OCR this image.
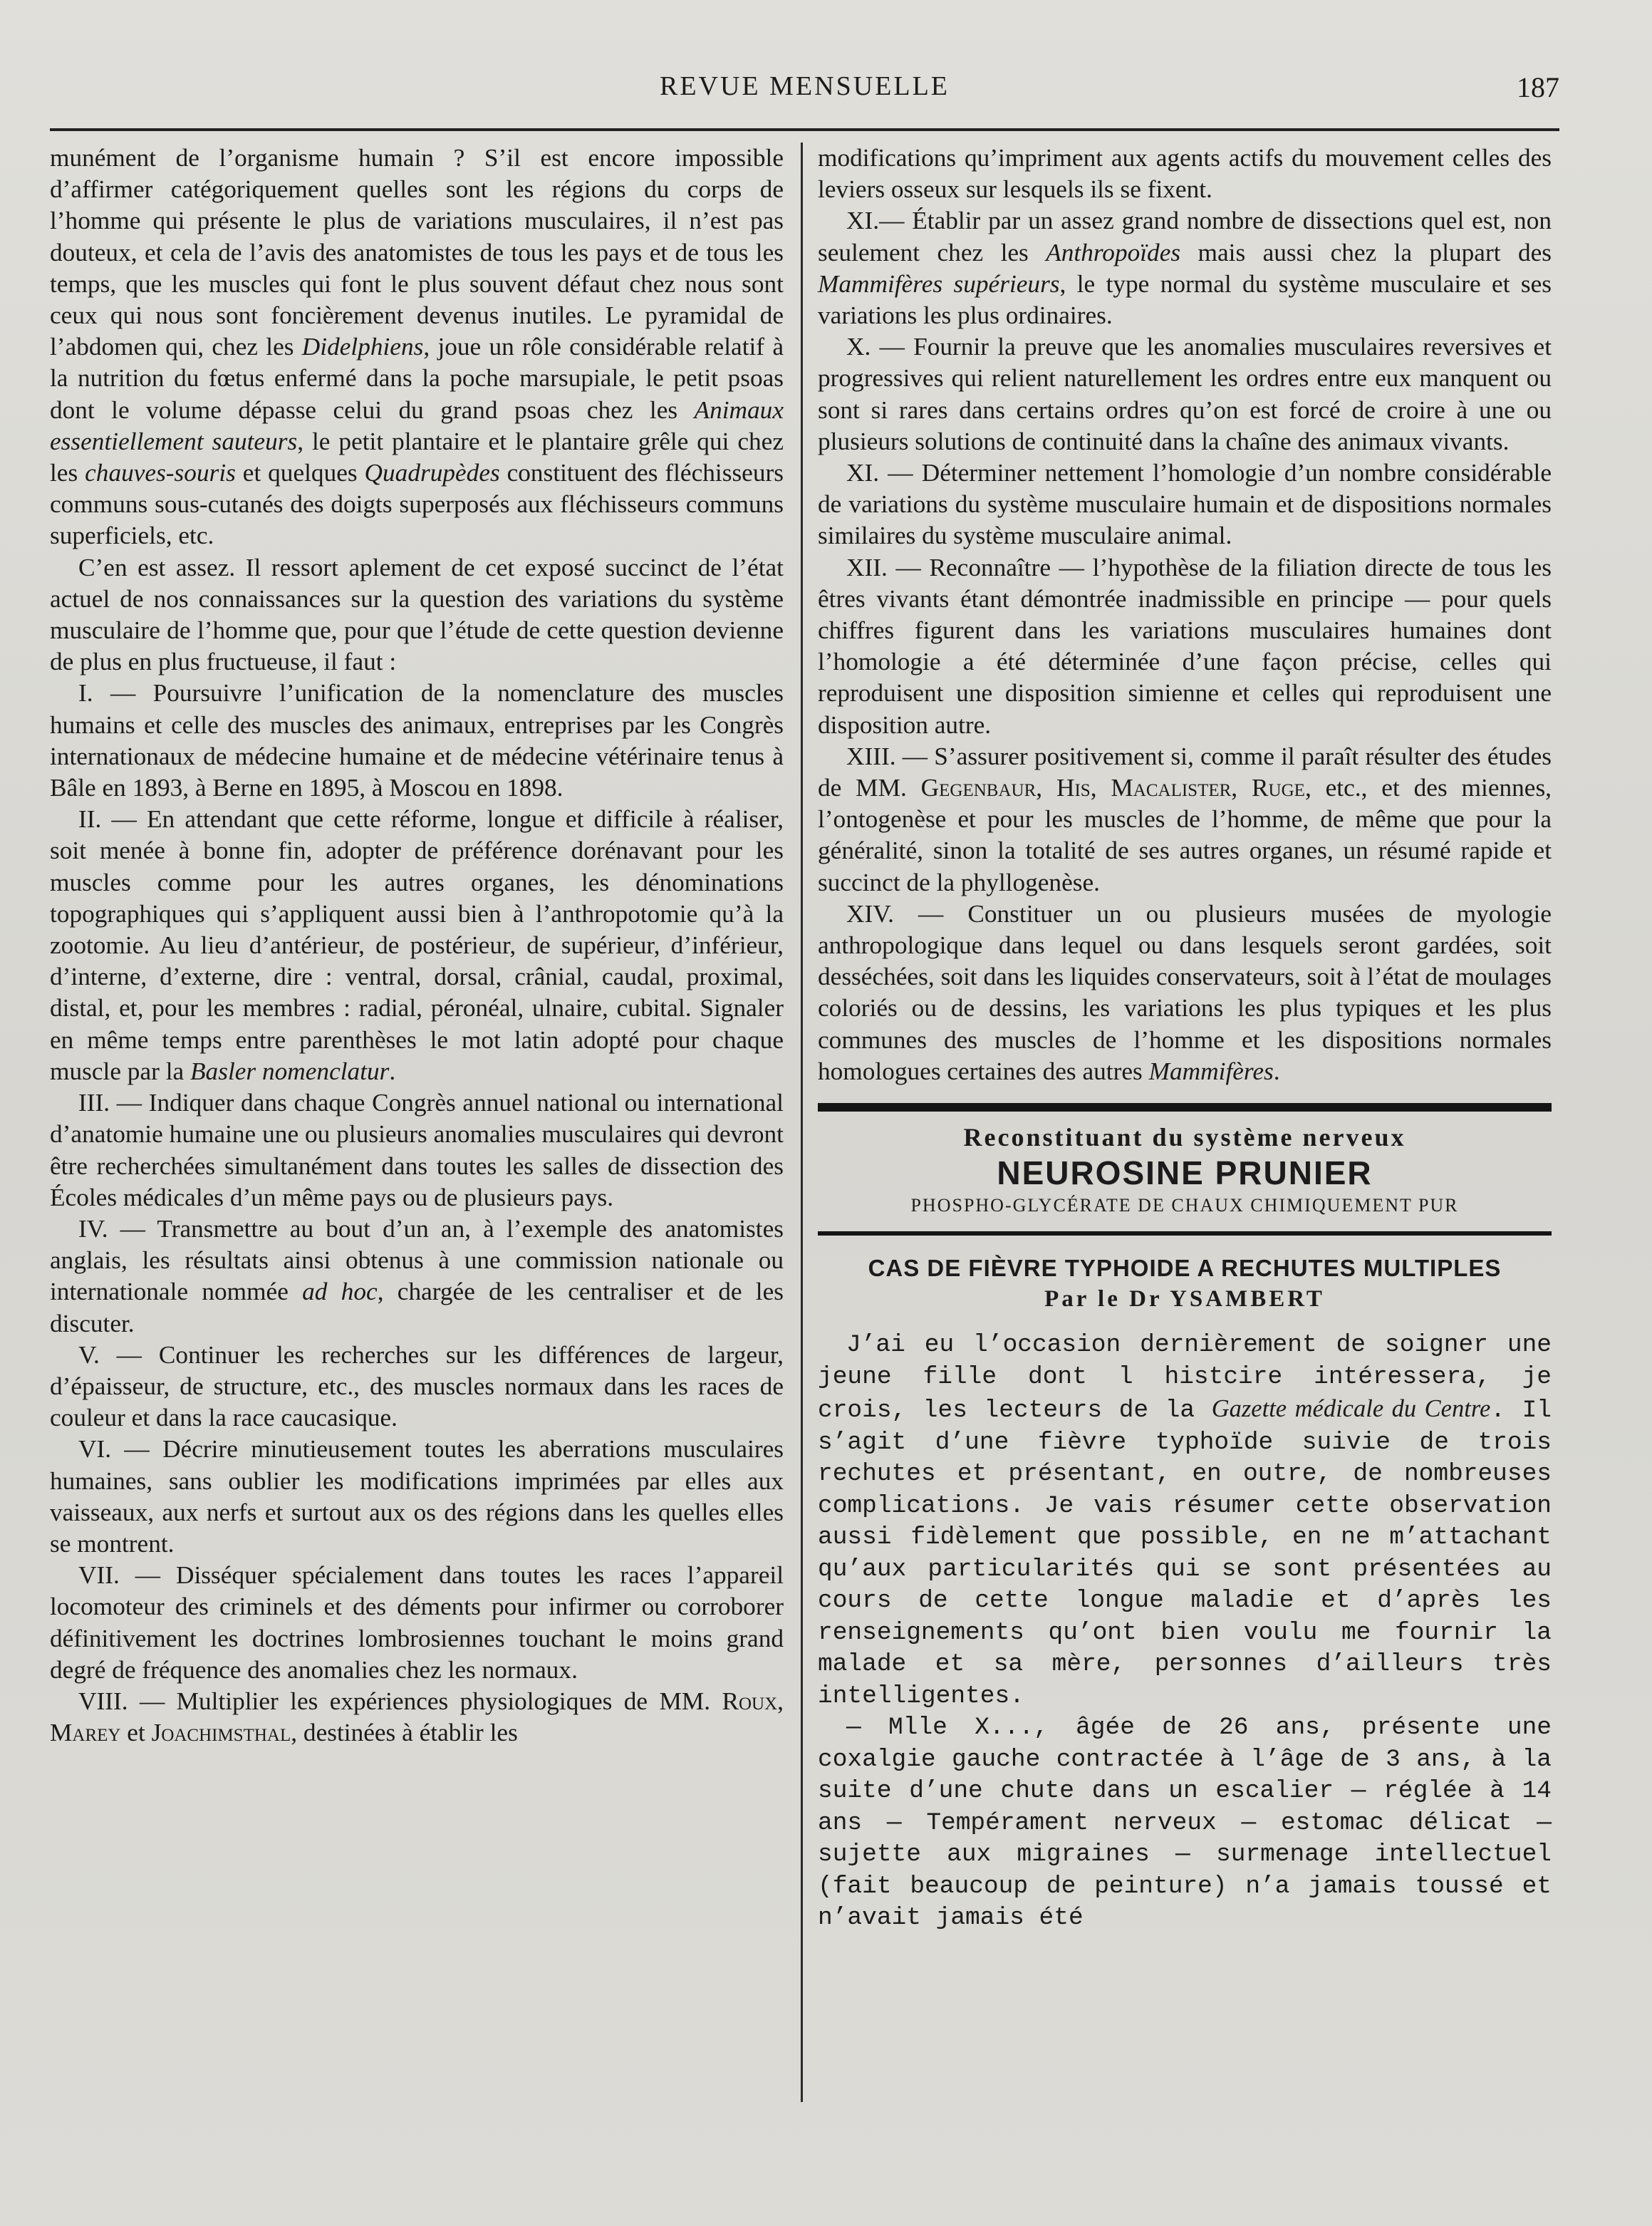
REVUE MENSUELLE	187

munément de l’organisme humain ? S’il est encore impossible d’affirmer catégoriquement quelles sont les régions du corps de l’homme qui présente le plus de variations musculaires, il n’est pas douteux, et cela de l’avis des anatomistes de tous les pays et de tous les temps, que les muscles qui font le plus souvent défaut chez nous sont ceux qui nous sont foncièrement devenus inutiles. Le pyramidal de l’abdomen qui, chez les Didelphiens, joue un rôle considérable relatif à la nutrition du fœtus enfermé dans la poche marsupiale, le petit psoas dont le volume dépasse celui du grand psoas chez les Animaux essentiellement sauteurs, le petit plantaire et le plantaire grêle qui chez les chauves-souris et quelques Quadrupèdes constituent des fléchisseurs communs sous-cutanés des doigts superposés aux fléchisseurs communs superficiels, etc.

C’en est assez. Il ressort aplement de cet exposé succinct de l’état actuel de nos connaissances sur la question des variations du système musculaire de l’homme que, pour que l’étude de cette question devienne de plus en plus fructueuse, il faut :

I. — Poursuivre l’unification de la nomenclature des muscles humains et celle des muscles des animaux, entreprises par les Congrès internationaux de médecine humaine et de médecine vétérinaire tenus à Bâle en 1893, à Berne en 1895, à Moscou en 1898.

II. — En attendant que cette réforme, longue et difficile à réaliser, soit menée à bonne fin, adopter de préférence dorénavant pour les muscles comme pour les autres organes, les dénominations topographiques qui s’appliquent aussi bien à l’anthropotomie qu’à la zootomie. Au lieu d’antérieur, de postérieur, de supérieur, d’inférieur, d’interne, d’externe, dire : ventral, dorsal, crânial, caudal, proximal, distal, et, pour les membres : radial, péronéal, ulnaire, cubital. Signaler en même temps entre parenthèses le mot latin adopté pour chaque muscle par la Basler nomenclatur.

III. — Indiquer dans chaque Congrès annuel national ou international d’anatomie humaine une ou plusieurs anomalies musculaires qui devront être recherchées simultanément dans toutes les salles de dissection des Écoles médicales d’un même pays ou de plusieurs pays.

IV. — Transmettre au bout d’un an, à l’exemple des anatomistes anglais, les résultats ainsi obtenus à une commission nationale ou internationale nommée ad hoc, chargée de les centraliser et de les discuter.

V. — Continuer les recherches sur les différences de largeur, d’épaisseur, de structure, etc., des muscles normaux dans les races de couleur et dans la race caucasique.

VI. — Décrire minutieusement toutes les aberrations musculaires humaines, sans oublier les modifications imprimées par elles aux vaisseaux, aux nerfs et surtout aux os des régions dans les quelles elles se montrent.

VII. — Disséquer spécialement dans toutes les races l’appareil locomoteur des criminels et des déments pour infirmer ou corroborer définitivement les doctrines lombrosiennes touchant le moins grand degré de fréquence des anomalies chez les normaux.

VIII. — Multiplier les expériences physiologiques de MM. Roux, Marey et Joachimsthal, destinées à établir les

modifications qu’impriment aux agents actifs du mouvement celles des leviers osseux sur lesquels ils se fixent.

XI.— Établir par un assez grand nombre de dissections quel est, non seulement chez les Anthropoïdes mais aussi chez la plupart des Mammifères supérieurs, le type normal du système musculaire et ses variations les plus ordinaires.

X. — Fournir la preuve que les anomalies musculaires reversives et progressives qui relient naturellement les ordres entre eux manquent ou sont si rares dans certains ordres qu’on est forcé de croire à une ou plusieurs solutions de continuité dans la chaîne des animaux vivants.

XI. — Déterminer nettement l’homologie d’un nombre considérable de variations du système musculaire humain et de dispositions normales similaires du système musculaire animal.

XII. — Reconnaître — l’hypothèse de la filiation directe de tous les êtres vivants étant démontrée inadmissible en principe — pour quels chiffres figurent dans les variations musculaires humaines dont l’homologie a été déterminée d’une façon précise, celles qui reproduisent une disposition simienne et celles qui reproduisent une disposition autre.

XIII. — S’assurer positivement si, comme il paraît résulter des études de MM. Gegenbaur, His, Macalister, Ruge, etc., et des miennes, l’ontogenèse et pour les muscles de l’homme, de même que pour la généralité, sinon la totalité de ses autres organes, un résumé rapide et succinct de la phyllogenèse.

XIV. — Constituer un ou plusieurs musées de myologie anthropologique dans lequel ou dans lesquels seront gardées, soit desséchées, soit dans les liquides conservateurs, soit à l’état de moulages coloriés ou de dessins, les variations les plus typiques et les plus communes des muscles de l’homme et les dispositions normales homologues certaines des autres Mammifères.

Reconstituant du système nerveux
NEUROSINE PRUNIER
PHOSPHO-GLYCÉRATE DE CHAUX CHIMIQUEMENT PUR
CAS DE FIÈVRE TYPHOIDE A RECHUTES MULTIPLES
Par le Dr YSAMBERT

J’ai eu l’occasion dernièrement de soigner une jeune fille dont l histcire intéressera, je crois, les lecteurs de la Gazette médicale du Centre. Il s’agit d’une fièvre typhoïde suivie de trois rechutes et présentant, en outre, de nombreuses complications. Je vais résumer cette observation aussi fidèlement que possible, en ne m’attachant qu’aux particularités qui se sont présentées au cours de cette longue maladie et d’après les renseignements qu’ont bien voulu me fournir la malade et sa mère, personnes d’ailleurs très intelligentes.

— Mlle X..., âgée de 26 ans, présente une coxalgie gauche contractée à l’âge de 3 ans, à la suite d’une chute dans un escalier — réglée à 14 ans — Tempérament nerveux — estomac délicat — sujette aux migraines — surmenage intellectuel (fait beaucoup de peinture) n’a jamais toussé et n’avait jamais été
